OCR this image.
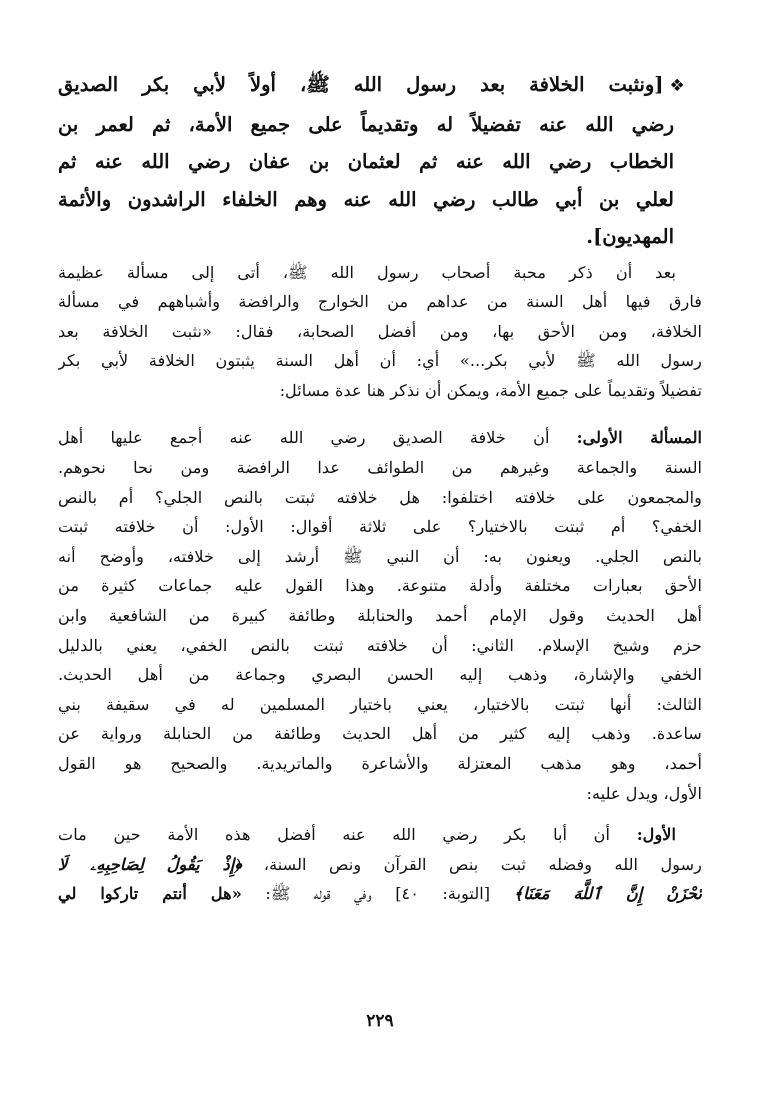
❖[ونثبت الخلافة بعد رسول الله ﷺ، أولاً لأبي بكر الصديق
رضي الله عنه تفضيلاً له وتقديماً على جميع الأمة، ثم لعمر بن
الخطاب رضي الله عنه ثم لعثمان بن عفان رضي الله عنه ثم
لعلي بن أبي طالب رضي الله عنه وهم الخلفاء الراشدون والأئمة
المهديون].
بعد أن ذكر محبة أصحاب رسول الله ﷺ، أتى إلى مسألة عظيمة
فارق فيها أهل السنة من عداهم من الخوارج والرافضة وأشباههم في مسألة
الخلافة، ومن الأحق بها، ومن أفضل الصحابة، فقال: «نثبت الخلافة بعد
رسول الله ﷺ لأبي بكر...» أي: أن أهل السنة يثبتون الخلافة لأبي بكر
تفضيلاً وتقديماً على جميع الأمة، ويمكن أن نذكر هنا عدة مسائل:
المسألة الأولى: أن خلافة الصديق رضي الله عنه أجمع عليها أهل
السنة والجماعة وغيرهم من الطوائف عدا الرافضة ومن نحا نحوهم.
والمجمعون على خلافته اختلفوا: هل خلافته ثبتت بالنص الجلي؟ أم بالنص
الخفي؟ أم ثبتت بالاختيار؟ على ثلاثة أقوال: الأول: أن خلافته ثبتت
بالنص الجلي. ويعنون به: أن النبي ﷺ أرشد إلى خلافته، وأوضح أنه
الأحق بعبارات مختلفة وأدلة متنوعة. وهذا القول عليه جماعات كثيرة من
أهل الحديث وقول الإمام أحمد والحنابلة وطائفة كبيرة من الشافعية وابن
حزم وشيخ الإسلام. الثاني: أن خلافته ثبتت بالنص الخفي، يعني بالدليل
الخفي والإشارة، وذهب إليه الحسن البصري وجماعة من أهل الحديث.
الثالث: أنها ثبتت بالاختيار، يعني باختيار المسلمين له في سقيفة بني
ساعدة. وذهب إليه كثير من أهل الحديث وطائفة من الحنابلة ورواية عن
أحمد، وهو مذهب المعتزلة والأشاعرة والماتريدية. والصحيح هو القول
الأول، ويدل عليه:
الأول: أن أبا بكر رضي الله عنه أفضل هذه الأمة حين مات
رسول الله وفضله ثبت بنص القرآن ونص السنة، ﴿إِذْ يَقُولُ لِصَاحِبِهِۦ لَا
تَحْزَنْ إِنَّ ٱللَّهَ مَعَنَا﴾ [التوبة: ٤٠] وفي قوله ﷺ: «هل أنتم تاركوا لي
٢٢٩
